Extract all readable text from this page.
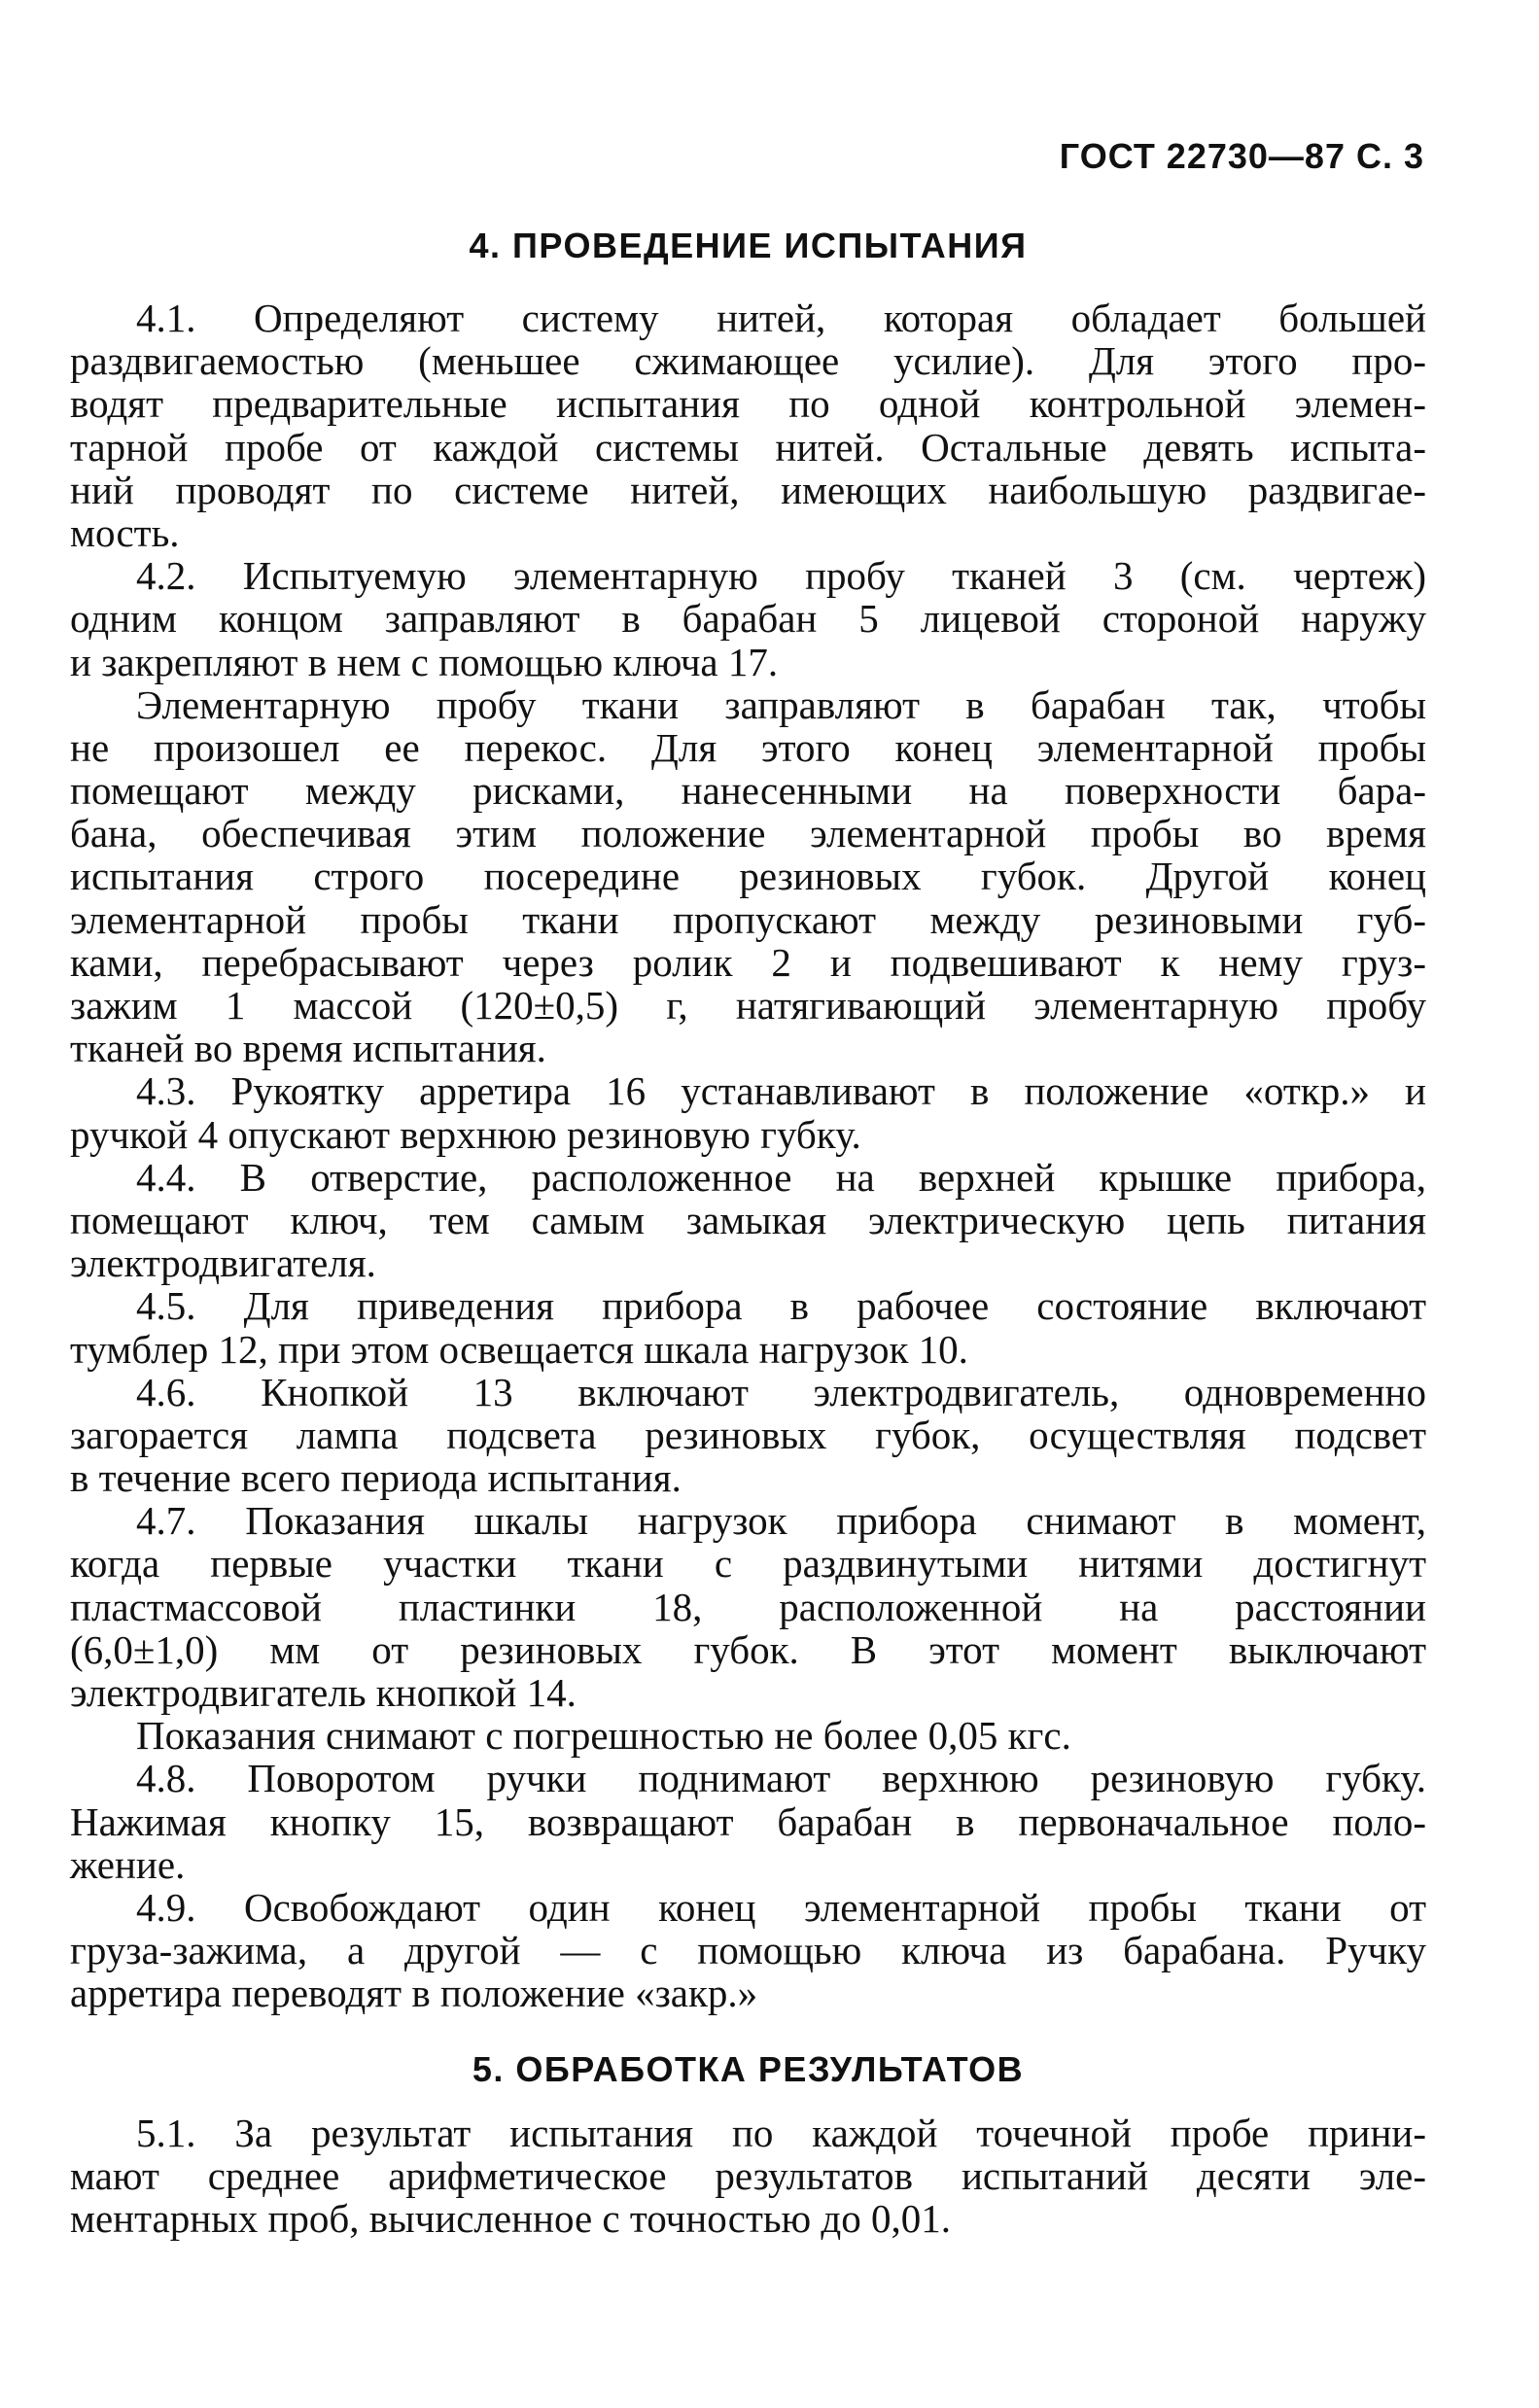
ГОСТ 22730—87 С. 3
4. ПРОВЕДЕНИЕ ИСПЫТАНИЯ
4.1. Определяют систему нитей, которая обладает большей
раздвигаемостью (меньшее сжимающее усилие). Для этого про-
водят предварительные испытания по одной контрольной элемен-
тарной пробе от каждой системы нитей. Остальные девять испыта-
ний проводят по системе нитей, имеющих наибольшую раздвигае-
мость.
4.2. Испытуемую элементарную пробу тканей 3 (см. чертеж)
одним концом заправляют в барабан 5 лицевой стороной наружу
и закрепляют в нем с помощью ключа 17.
Элементарную пробу ткани заправляют в барабан так, чтобы
не произошел ее перекос. Для этого конец элементарной пробы
помещают между рисками, нанесенными на поверхности бара-
бана, обеспечивая этим положение элементарной пробы во время
испытания строго посередине резиновых губок. Другой конец
элементарной пробы ткани пропускают между резиновыми губ-
ками, перебрасывают через ролик 2 и подвешивают к нему груз-
зажим 1 массой (120±0,5) г, натягивающий элементарную пробу
тканей во время испытания.
4.3. Рукоятку арретира 16 устанавливают в положение «откр.» и
ручкой 4 опускают верхнюю резиновую губку.
4.4. В отверстие, расположенное на верхней крышке прибора,
помещают ключ, тем самым замыкая электрическую цепь питания
электродвигателя.
4.5. Для приведения прибора в рабочее состояние включают
тумблер 12, при этом освещается шкала нагрузок 10.
4.6. Кнопкой 13 включают электродвигатель, одновременно
загорается лампа подсвета резиновых губок, осуществляя подсвет
в течение всего периода испытания.
4.7. Показания шкалы нагрузок прибора снимают в момент,
когда первые участки ткани с раздвинутыми нитями достигнут
пластмассовой пластинки 18, расположенной на расстоянии
(6,0±1,0) мм от резиновых губок. В этот момент выключают
электродвигатель кнопкой 14.
Показания снимают с погрешностью не более 0,05 кгс.
4.8. Поворотом ручки поднимают верхнюю резиновую губку.
Нажимая кнопку 15, возвращают барабан в первоначальное поло-
жение.
4.9. Освобождают один конец элементарной пробы ткани от
груза-зажима, а другой — с помощью ключа из барабана. Ручку
арретира переводят в положение «закр.»
5. ОБРАБОТКА РЕЗУЛЬТАТОВ
5.1. За результат испытания по каждой точечной пробе прини-
мают среднее арифметическое результатов испытаний десяти эле-
ментарных проб, вычисленное с точностью до 0,01.
